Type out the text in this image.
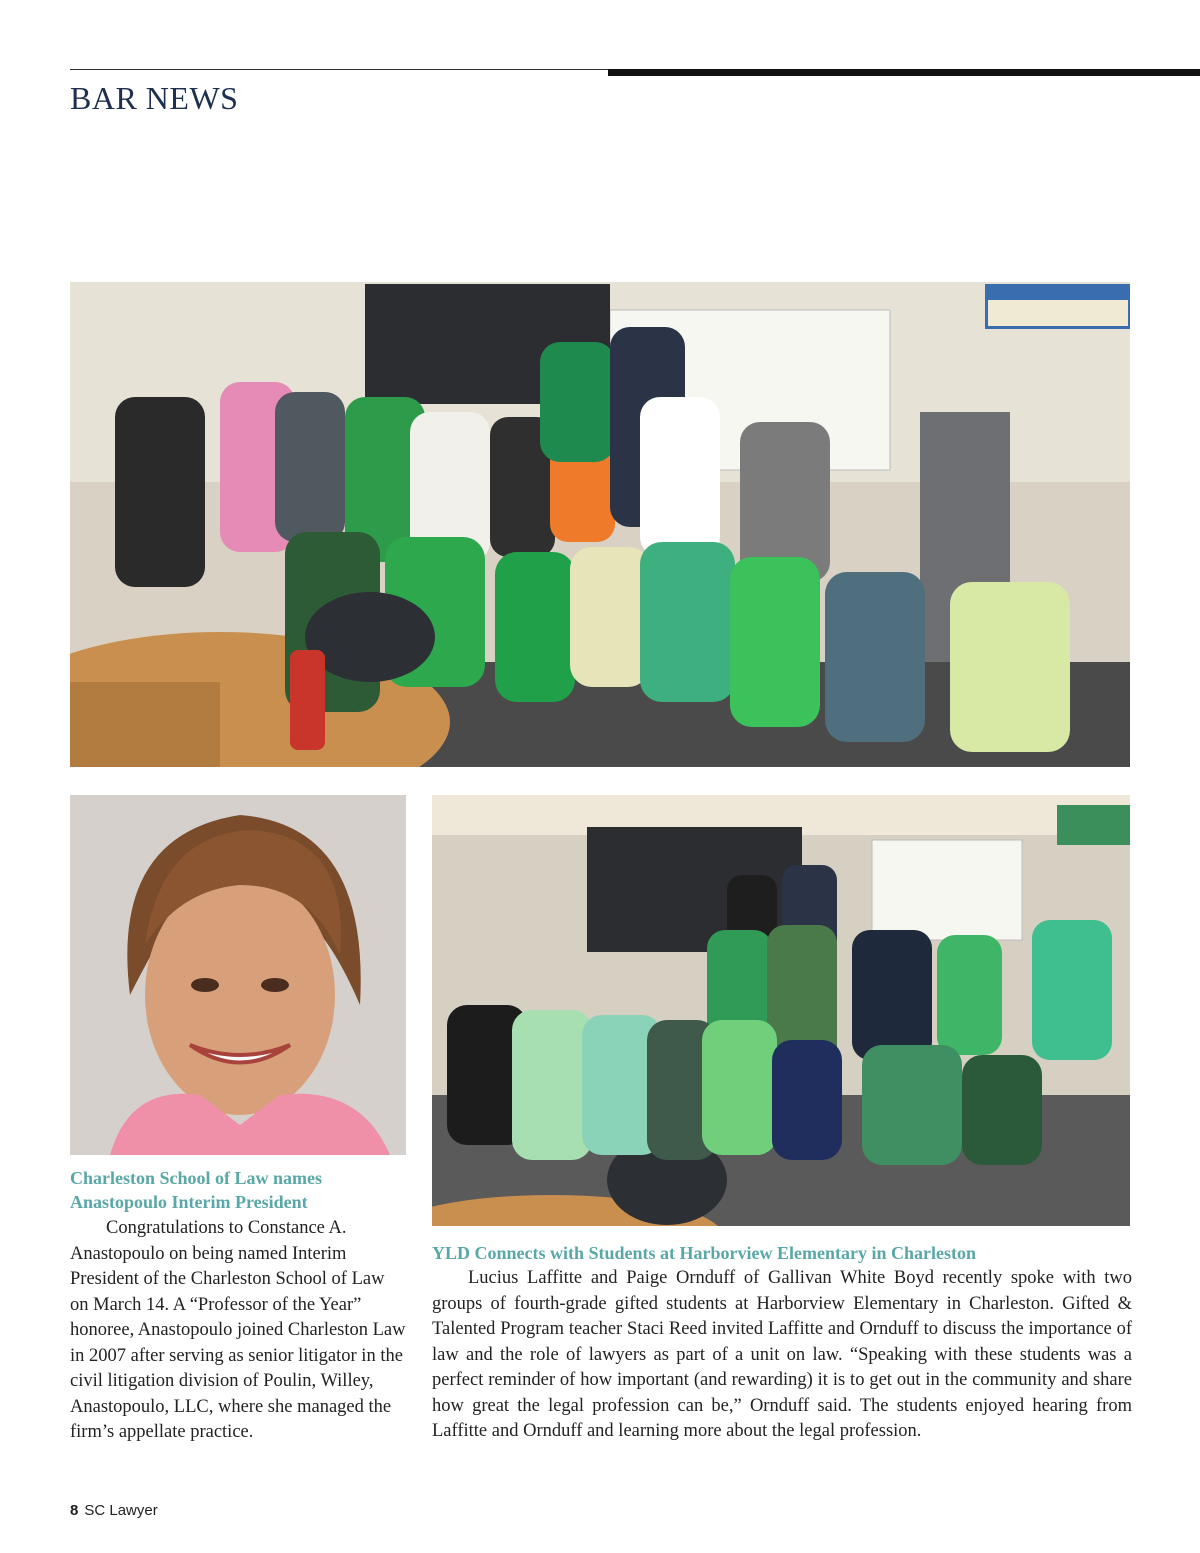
BAR NEWS
Charleston School of Law names Anastopoulo Interim President

Congratulations to Constance A. Anastopoulo on being named Interim President of the Charleston School of Law on March 14. A “Professor of the Year” honoree, Anastopoulo joined Charleston Law in 2007 after serving as senior litigator in the civil litigation division of Poulin, Willey, Anastopoulo, LLC, where she managed the firm’s appellate practice.

YLD Connects with Students at Harborview Elementary in Charleston

Lucius Laffitte and Paige Ornduff of Gallivan White Boyd recently spoke with two groups of fourth-grade gifted students at Harborview Elementary in Charleston. Gifted & Talented Program teacher Staci Reed invited Laffitte and Ornduff to discuss the importance of law and the role of lawyers as part of a unit on law. “Speaking with these students was a perfect reminder of how important (and rewarding) it is to get out in the community and share how great the legal profession can be,” Ornduff said. The students enjoyed hearing from Laffitte and Ornduff and learning more about the legal profession.

8 SC Lawyer
